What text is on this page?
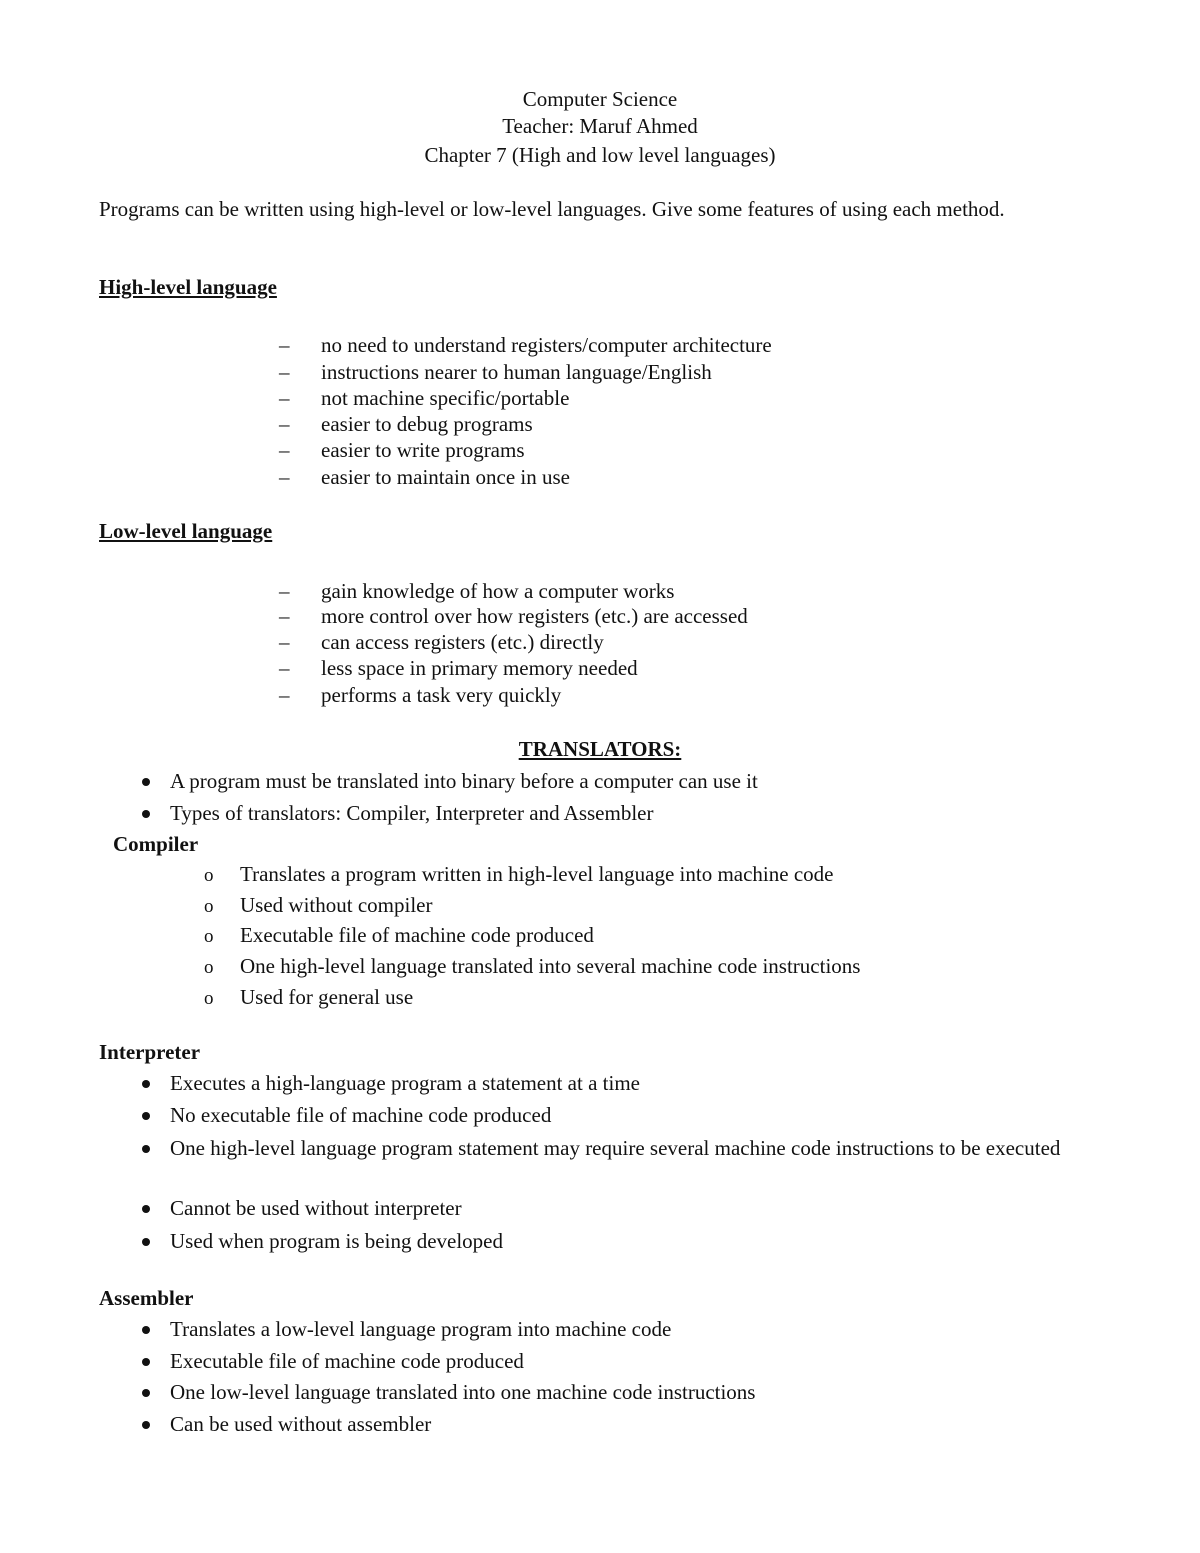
Computer Science
Teacher: Maruf Ahmed
Chapter 7 (High and low level languages)
Programs can be written using high-level or low-level languages. Give some features of using each method.
High-level language
– no need to understand registers/computer architecture
– instructions nearer to human language/English
– not machine specific/portable
– easier to debug programs
– easier to write programs
– easier to maintain once in use
Low-level language
– gain knowledge of how a computer works
– more control over how registers (etc.) are accessed
– can access registers (etc.) directly
– less space in primary memory needed
– performs a task very quickly
TRANSLATORS:
A program must be translated into binary before a computer can use it
Types of translators: Compiler, Interpreter and Assembler
Compiler
o Translates a program written in high-level language into machine code
o Used without compiler
o Executable file of machine code produced
o One high-level language translated into several machine code instructions
o Used for general use
Interpreter
Executes a high-language program a statement at a time
No executable file of machine code produced
One high-level language program statement may require several machine code instructions to be executed
Cannot be used without interpreter
Used when program is being developed
Assembler
Translates a low-level language program into machine code
Executable file of machine code produced
One low-level language translated into one machine code instructions
Can be used without assembler
